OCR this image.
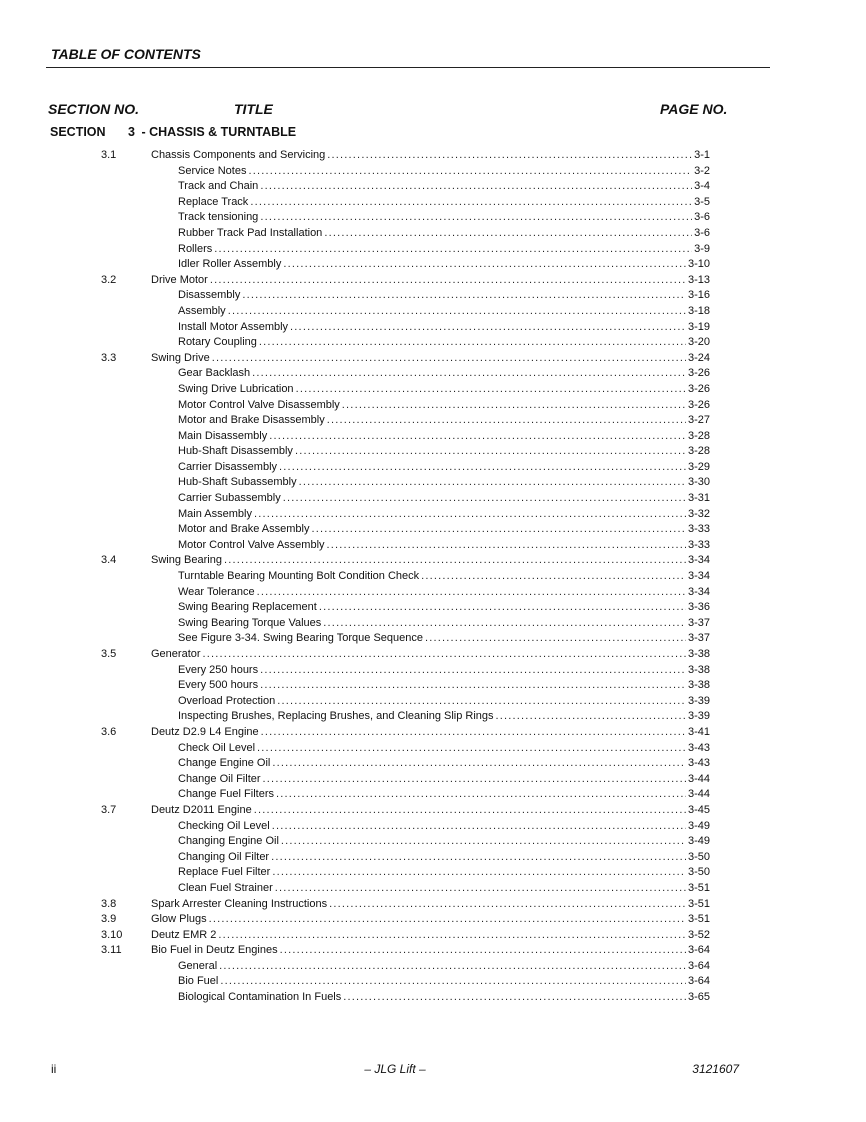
TABLE OF CONTENTS
SECTION NO.	TITLE	PAGE NO.
SECTION 3 - CHASSIS & TURNTABLE
3.1	Chassis Components and Servicing .....	3-1
Service Notes .....	3-2
Track and Chain .....	3-4
Replace Track .....	3-5
Track tensioning .....	3-6
Rubber Track Pad Installation .....	3-6
Rollers .....	3-9
Idler Roller Assembly .....	3-10
3.2	Drive Motor .....	3-13
Disassembly .....	3-16
Assembly .....	3-18
Install Motor Assembly .....	3-19
Rotary Coupling .....	3-20
3.3	Swing Drive .....	3-24
Gear Backlash .....	3-26
Swing Drive Lubrication .....	3-26
Motor Control Valve Disassembly .....	3-26
Motor and Brake Disassembly .....	3-27
Main Disassembly .....	3-28
Hub-Shaft Disassembly .....	3-28
Carrier Disassembly .....	3-29
Hub-Shaft Subassembly .....	3-30
Carrier Subassembly .....	3-31
Main Assembly .....	3-32
Motor and Brake Assembly .....	3-33
Motor Control Valve Assembly .....	3-33
3.4	Swing Bearing .....	3-34
Turntable Bearing Mounting Bolt Condition Check .....	3-34
Wear Tolerance .....	3-34
Swing Bearing Replacement .....	3-36
Swing Bearing Torque Values .....	3-37
See Figure 3-34. Swing Bearing Torque Sequence .....	3-37
3.5	Generator .....	3-38
Every 250 hours .....	3-38
Every 500 hours .....	3-38
Overload Protection .....	3-39
Inspecting Brushes, Replacing Brushes, and Cleaning Slip Rings .....	3-39
3.6	Deutz D2.9 L4 Engine .....	3-41
Check Oil Level .....	3-43
Change Engine Oil .....	3-43
Change Oil Filter .....	3-44
Change Fuel Filters .....	3-44
3.7	Deutz D2011 Engine .....	3-45
Checking Oil Level .....	3-49
Changing Engine Oil .....	3-49
Changing Oil Filter .....	3-50
Replace Fuel Filter .....	3-50
Clean Fuel Strainer .....	3-51
3.8	Spark Arrester Cleaning Instructions .....	3-51
3.9	Glow Plugs .....	3-51
3.10	Deutz EMR 2 .....	3-52
3.11	Bio Fuel in Deutz Engines .....	3-64
General .....	3-64
Bio Fuel .....	3-64
Biological Contamination In Fuels .....	3-65
ii	– JLG Lift –	3121607
